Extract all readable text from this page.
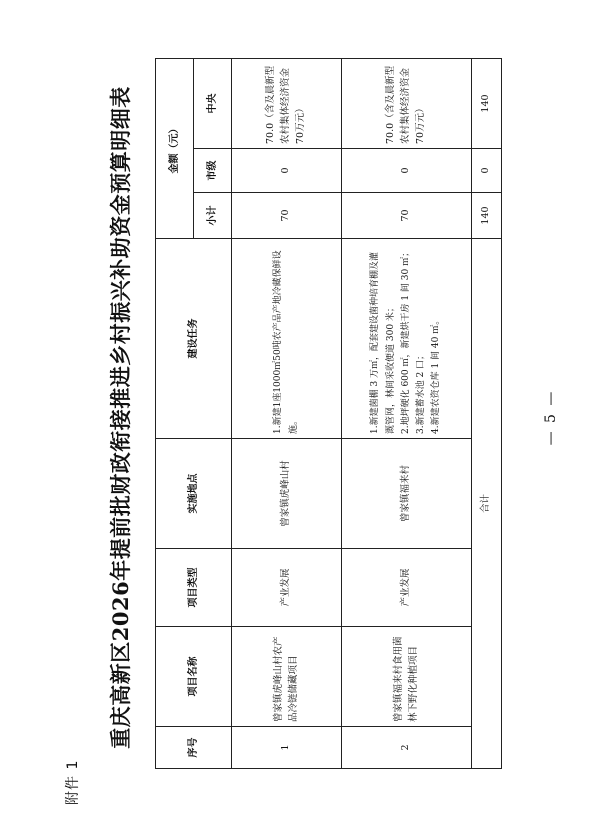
附件 1
重庆高新区2026年提前批财政衔接推进乡村振兴补助资金预算明细表	序号	项目名称	项目类型	实施地点	建设任务	金额（元）		
					小计	市级	中央
1	曾家镇虎峰山村农产品冷链储藏项目	产业发展	曾家镇虎峰山村	1.新建1座1000㎡50吨农产品产地冷藏保鲜设施。	70	0	70.0（含及晨新型农村集体经济资金70万元）
2	曾家镇福来村食用菌林下野化种植项目	产业发展	曾家镇福来村	1.新建菌棚 3 万㎡，配套建设菌种培育棚及灌溉管网，林间采收便道 300 米； 2.地坪硬化 600 ㎡，新建烘干房 1 间 30 ㎡； 3.新建蓄水池 2 口； 4.新建农资仓库 1 间 40 ㎡。	70	0	70.0（含及晨新型农村集体经济资金70万元）
合计					140	0	140
— 5 —
